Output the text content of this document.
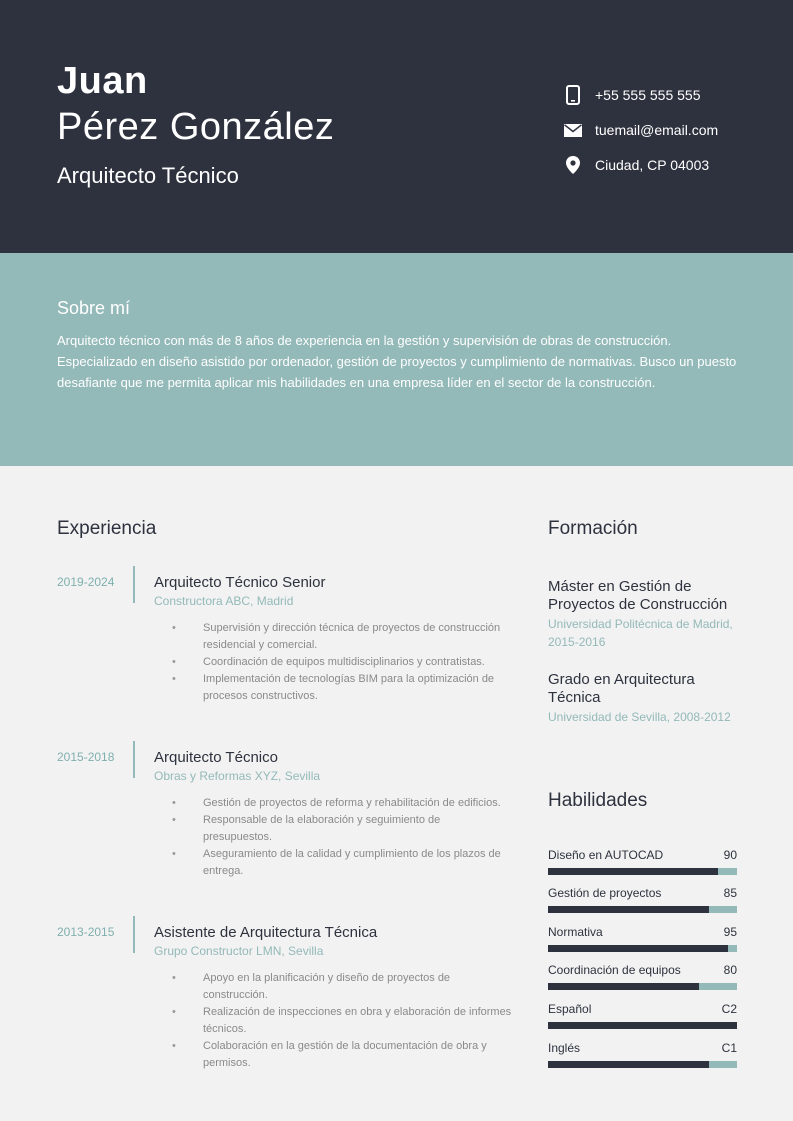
Juan
Pérez González
Arquitecto Técnico
+55 555 555 555
tuemail@email.com
Ciudad, CP 04003
Sobre mí
Arquitecto técnico con más de 8 años de experiencia en la gestión y supervisión de obras de construcción. Especializado en diseño asistido por ordenador, gestión de proyectos y cumplimiento de normativas. Busco un puesto desafiante que me permita aplicar mis habilidades en una empresa líder en el sector de la construcción.
Experiencia
2019-2024	Arquitecto Técnico Senior
Constructora ABC, Madrid
• Supervisión y dirección técnica de proyectos de construcción residencial y comercial.
• Coordinación de equipos multidisciplinarios y contratistas.
• Implementación de tecnologías BIM para la optimización de procesos constructivos.
2015-2018	Arquitecto Técnico
Obras y Reformas XYZ, Sevilla
• Gestión de proyectos de reforma y rehabilitación de edificios.
• Responsable de la elaboración y seguimiento de presupuestos.
• Aseguramiento de la calidad y cumplimiento de los plazos de entrega.
2013-2015	Asistente de Arquitectura Técnica
Grupo Constructor LMN, Sevilla
• Apoyo en la planificación y diseño de proyectos de construcción.
• Realización de inspecciones en obra y elaboración de informes técnicos.
• Colaboración en la gestión de la documentación de obra y permisos.
Formación
Máster en Gestión de Proyectos de Construcción
Universidad Politécnica de Madrid, 2015-2016
Grado en Arquitectura Técnica
Universidad de Sevilla, 2008-2012
Habilidades
Diseño en AUTOCAD	90
Gestión de proyectos	85
Normativa	95
Coordinación de equipos	80
Español	C2
Inglés	C1
